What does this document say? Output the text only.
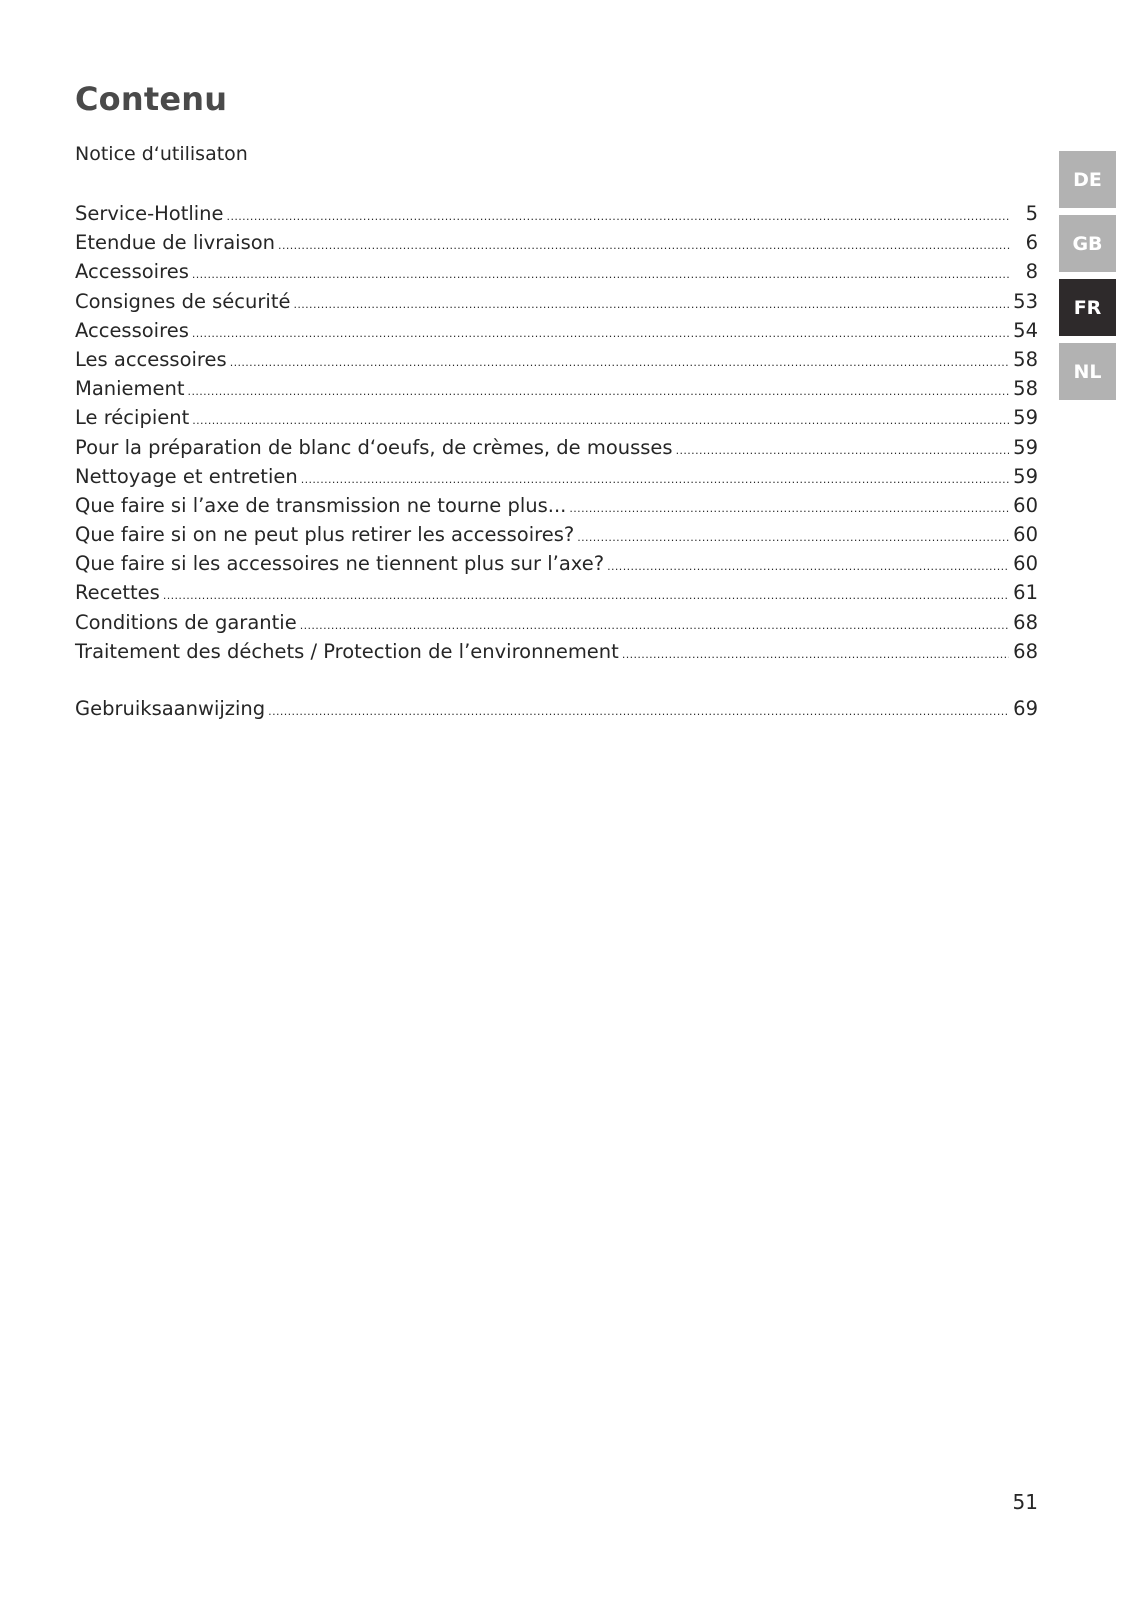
Contenu
Notice d‘utilisaton
Service-Hotline .....	5
Etendue de livraison .....	6
Accessoires .....	8
Consignes de sécurité .....	53
Accessoires .....	54
Les accessoires .....	58
Maniement .....	58
Le récipient .....	59
Pour la préparation de blanc d‘oeufs, de crèmes, de mousses .....	59
Nettoyage et entretien .....	59
Que faire si l’axe de transmission ne tourne plus... .....	60
Que faire si on ne peut plus retirer les accessoires? .....	60
Que faire si les accessoires ne tiennent plus sur l’axe? .....	60
Recettes .....	61
Conditions de garantie .....	68
Traitement des déchets / Protection de l’environnement .....	68
Gebruiksaanwijzing .....	69
DE
GB
FR
NL
51
